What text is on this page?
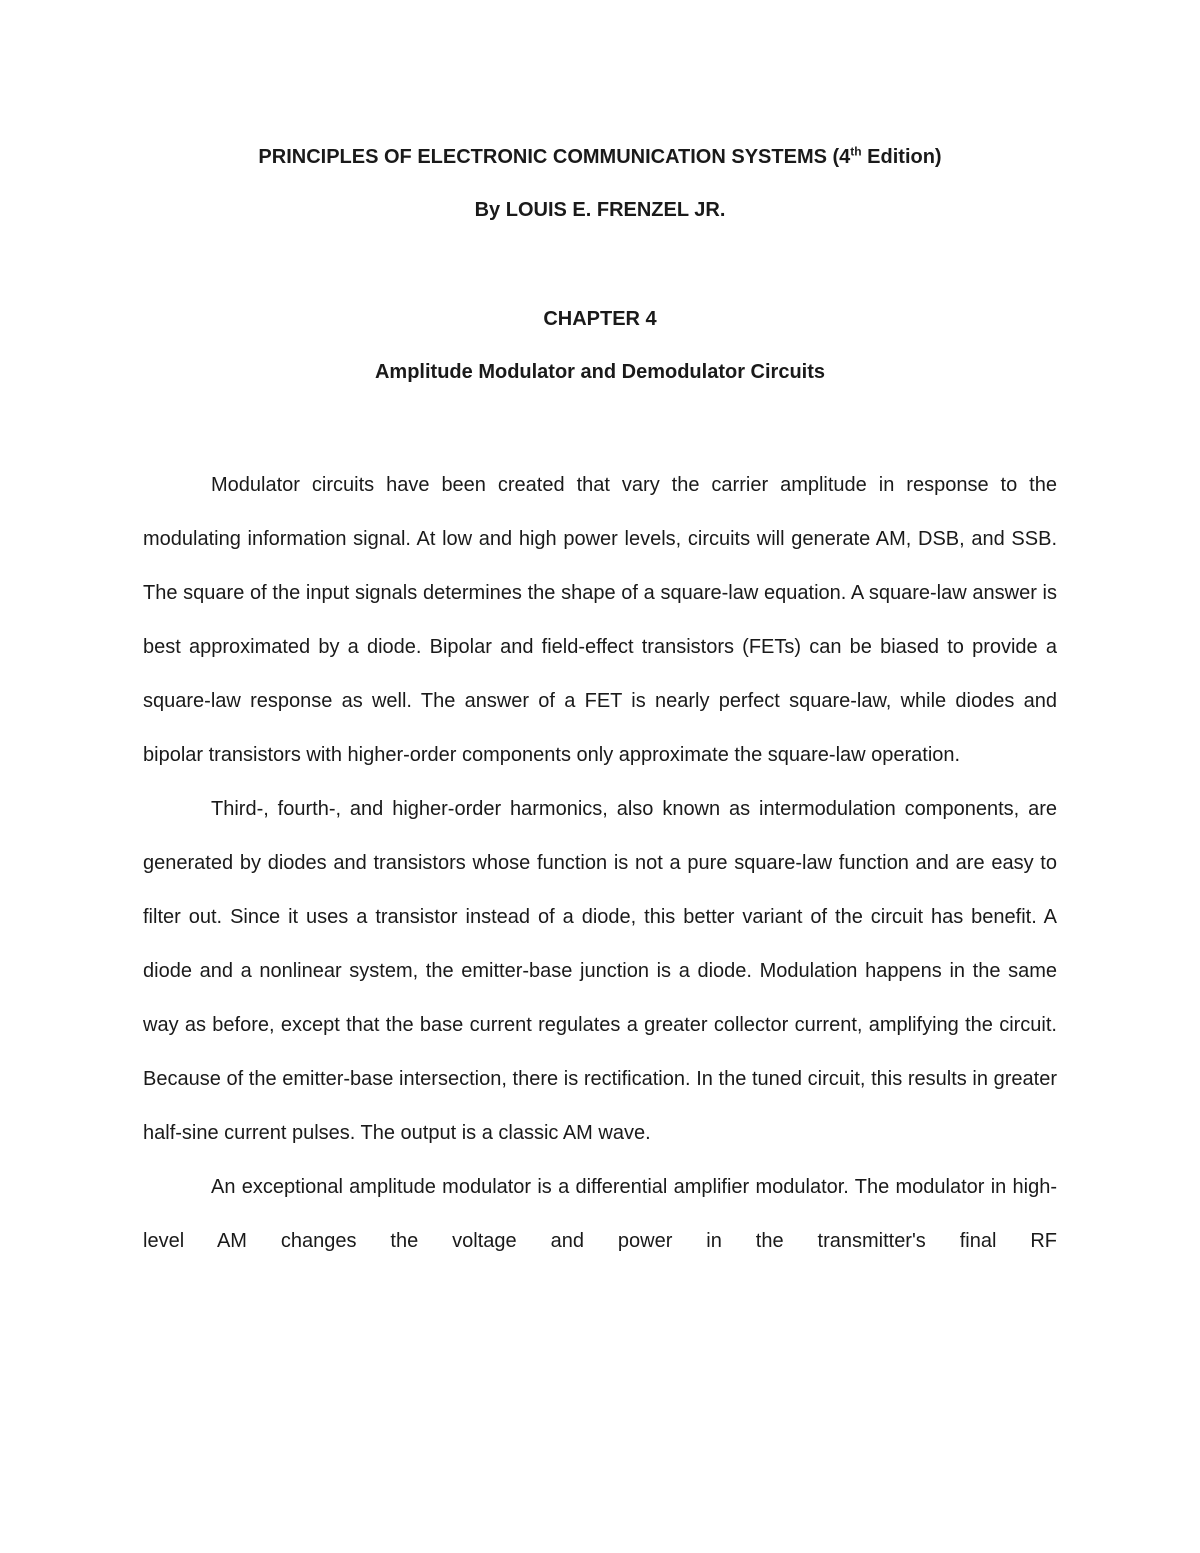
PRINCIPLES OF ELECTRONIC COMMUNICATION SYSTEMS (4th Edition)
By LOUIS E. FRENZEL JR.
CHAPTER 4
Amplitude Modulator and Demodulator Circuits

Modulator circuits have been created that vary the carrier amplitude in response to the modulating information signal. At low and high power levels, circuits will generate AM, DSB, and SSB. The square of the input signals determines the shape of a square-law equation. A square-law answer is best approximated by a diode. Bipolar and field-effect transistors (FETs) can be biased to provide a square-law response as well. The answer of a FET is nearly perfect square-law, while diodes and bipolar transistors with higher-order components only approximate the square-law operation.

Third-, fourth-, and higher-order harmonics, also known as intermodulation components, are generated by diodes and transistors whose function is not a pure square-law function and are easy to filter out. Since it uses a transistor instead of a diode, this better variant of the circuit has benefit. A diode and a nonlinear system, the emitter-base junction is a diode. Modulation happens in the same way as before, except that the base current regulates a greater collector current, amplifying the circuit. Because of the emitter-base intersection, there is rectification. In the tuned circuit, this results in greater half-sine current pulses. The output is a classic AM wave.

An exceptional amplitude modulator is a differential amplifier modulator. The modulator in high-level AM changes the voltage and power in the transmitter's final RF
